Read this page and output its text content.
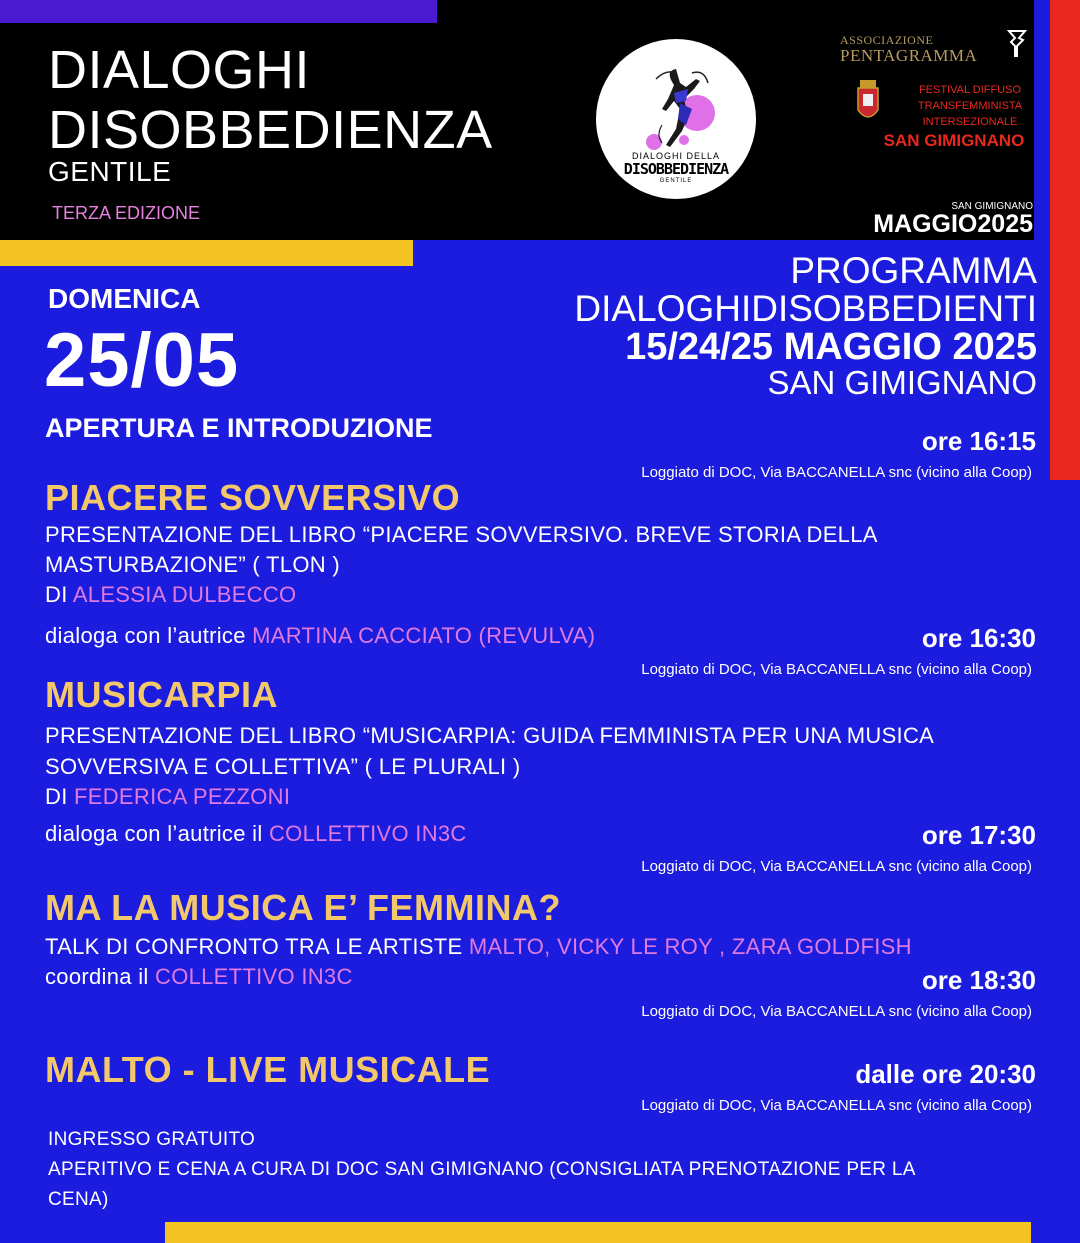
DIALOGHI
DISOBBEDIENZA
GENTILE
TERZA EDIZIONE
DIALOGHI DELLA
DISOBBEDIENZA
GENTILE
ASSOCIAZIONE
PENTAGRAMMA
FESTIVAL DIFFUSO
TRANSFEMMINISTA
INTERSEZIONALE
SAN GIMIGNANO
SAN GIMIGNANO
MAGGIO2025
PROGRAMMA
DIALOGHIDISOBBEDIENTI
15/24/25 MAGGIO 2025
SAN GIMIGNANO
DOMENICA
25/05
APERTURA E INTRODUZIONE	ore 16:15
Loggiato di DOC, Via BACCANELLA snc (vicino alla Coop)
PIACERE SOVVERSIVO
PRESENTAZIONE DEL LIBRO “PIACERE SOVVERSIVO. BREVE STORIA DELLA
MASTURBAZIONE” ( TLON )
DI ALESSIA DULBECCO
dialoga con l’autrice MARTINA CACCIATO (REVULVA)	ore 16:30
Loggiato di DOC, Via BACCANELLA snc (vicino alla Coop)
MUSICARPIA
PRESENTAZIONE DEL LIBRO “MUSICARPIA: GUIDA FEMMINISTA PER UNA MUSICA
SOVVERSIVA E COLLETTIVA” ( LE PLURALI )
DI FEDERICA PEZZONI
dialoga con l’autrice il COLLETTIVO IN3C	ore 17:30
Loggiato di DOC, Via BACCANELLA snc (vicino alla Coop)
MA LA MUSICA E’ FEMMINA?
TALK DI CONFRONTO TRA LE ARTISTE MALTO, VICKY LE ROY , ZARA GOLDFISH
coordina il COLLETTIVO IN3C	ore 18:30
Loggiato di DOC, Via BACCANELLA snc (vicino alla Coop)
MALTO - LIVE MUSICALE	dalle ore 20:30
Loggiato di DOC, Via BACCANELLA snc (vicino alla Coop)
INGRESSO GRATUITO
APERITIVO E CENA A CURA DI DOC SAN GIMIGNANO (CONSIGLIATA PRENOTAZIONE PER LA
CENA)
